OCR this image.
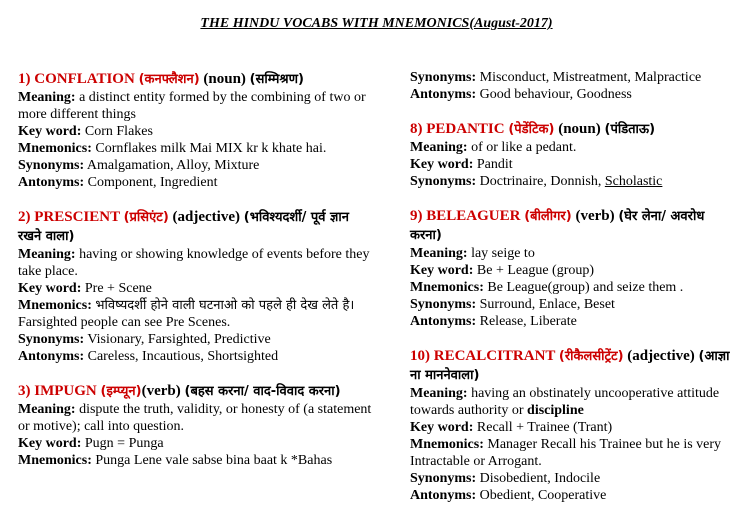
THE HINDU VOCABS WITH MNEMONICS(August-2017)
1) CONFLATION (कनफ्लैशन) (noun) (सम्मिश्रण)
Meaning: a distinct entity formed by the combining of two or more different things
Key word: Corn Flakes
Mnemonics: Cornflakes milk Mai MIX kr k khate hai.
Synonyms: Amalgamation, Alloy, Mixture
Antonyms: Component, Ingredient
2) PRESCIENT (प्रसिएंट) (adjective) (भविश्यदर्शी/ पूर्व ज्ञान रखने वाला)
Meaning: having or showing knowledge of events before they take place.
Key word: Pre + Scene
Mnemonics: भविष्यदर्शी होने वाली घटनाओ को पहले ही देख लेते है। Farsighted people can see Pre Scenes.
Synonyms: Visionary, Farsighted, Predictive
Antonyms: Careless, Incautious, Shortsighted
3) IMPUGN (इम्प्यून)(verb) (बहस करना/ वाद-विवाद करना)
Meaning: dispute the truth, validity, or honesty of (a statement or motive); call into question.
Key word: Pugn = Punga
Mnemonics: Punga Lene vale sabse bina baat k *Bahas
Synonyms: Misconduct, Mistreatment, Malpractice
Antonyms: Good behaviour, Goodness
8) PEDANTIC (पेडेंटिक) (noun) (पंडिताऊ)
Meaning: of or like a pedant.
Key word: Pandit
Synonyms: Doctrinaire, Donnish, Scholastic
9) BELEAGUER (बीलीगर) (verb) (घेर लेना/ अवरोध करना)
Meaning: lay seige to
Key word: Be + League (group)
Mnemonics: Be League(group) and seize them .
Synonyms: Surround, Enlace, Beset
Antonyms: Release, Liberate
10) RECALCITRANT (रीकैलसीट्रेंट) (adjective) (आज्ञा ना माननेवाला)
Meaning: having an obstinately uncooperative attitude towards authority or discipline
Key word: Recall + Trainee (Trant)
Mnemonics: Manager Recall his Trainee but he is very Intractable or Arrogant.
Synonyms: Disobedient, Indocile
Antonyms: Obedient, Cooperative
